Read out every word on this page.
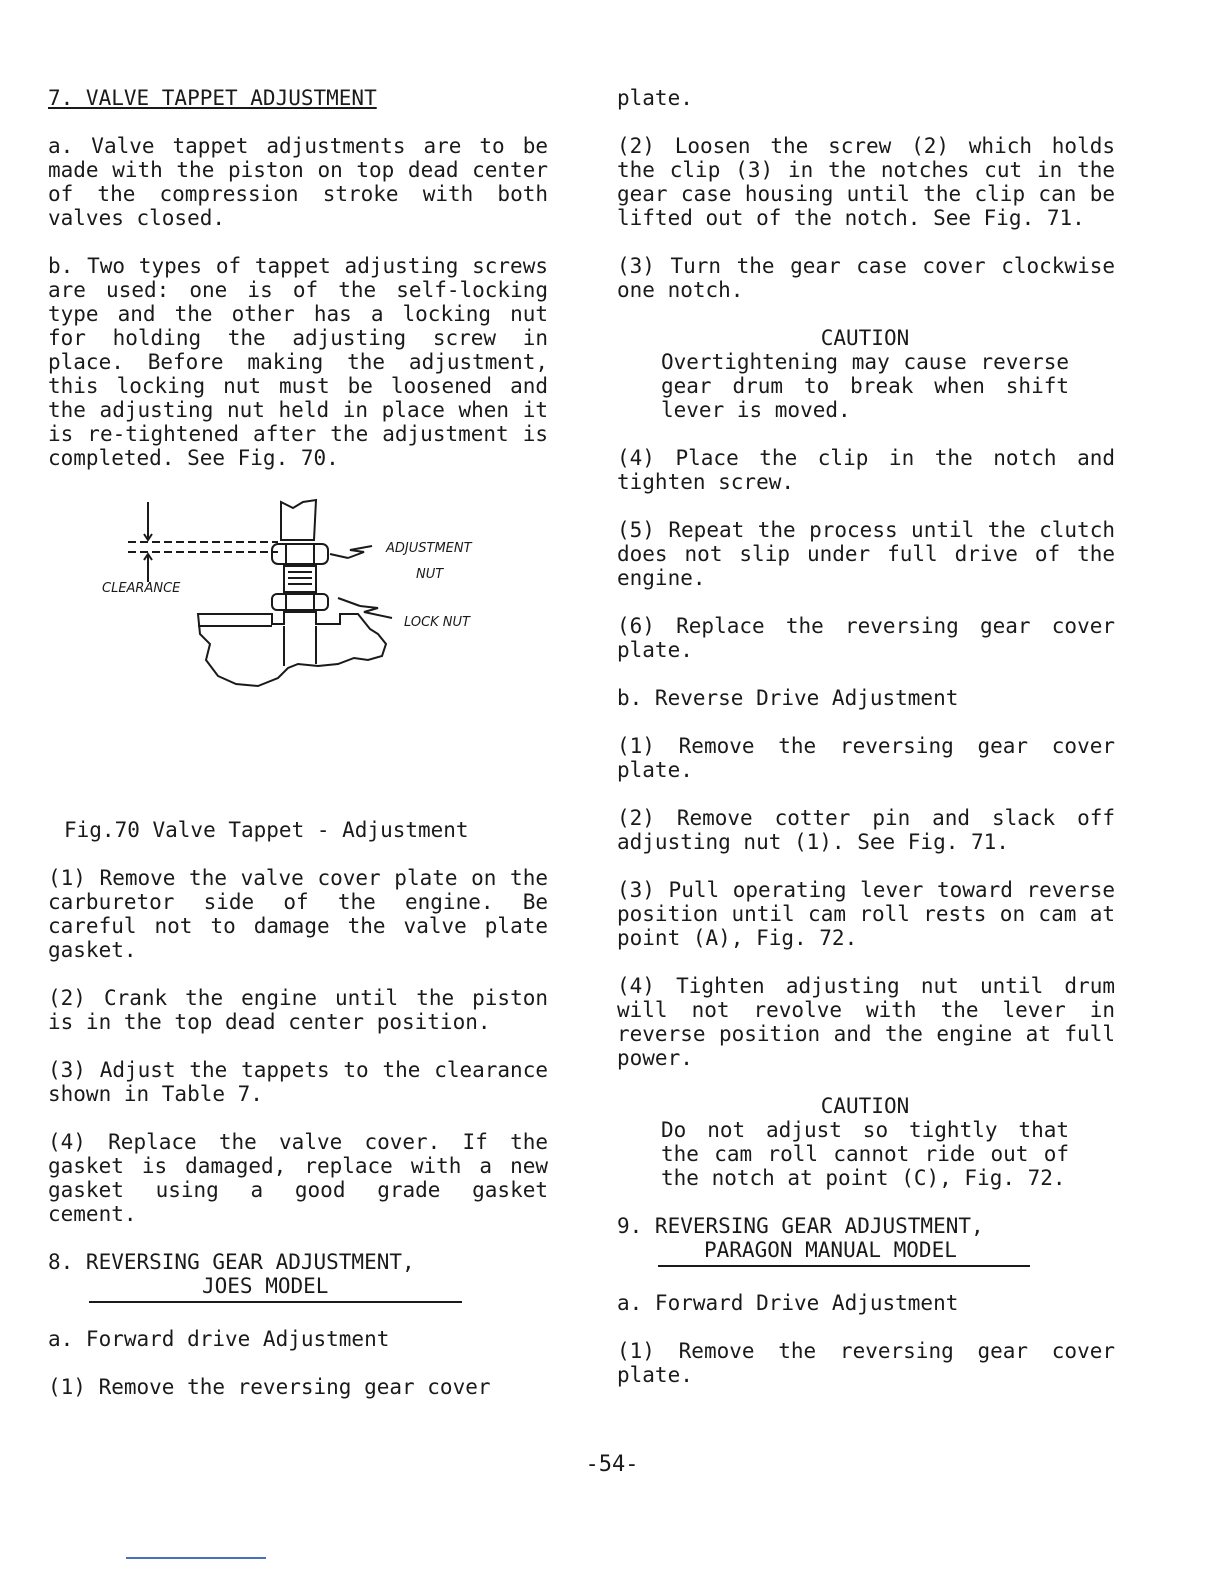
7. VALVE TAPPET ADJUSTMENT

a. Valve tappet adjustments are to be made with the piston on top dead center of the compression stroke with both valves closed.

b. Two types of tappet adjusting screws are used: one is of the self-locking type and the other has a locking nut for holding the adjusting screw in place. Before making the adjustment, this locking nut must be loosened and the adjusting nut held in place when it is re-tightened after the adjustment is completed. See Fig. 70.

ADJUSTMENT
NUT
LOCK NUT
CLEARANCE

Fig.70 Valve Tappet - Adjustment

(1) Remove the valve cover plate on the carburetor side of the engine. Be careful not to damage the valve plate gasket.

(2) Crank the engine until the piston is in the top dead center position.

(3) Adjust the tappets to the clearance shown in Table 7.

(4) Replace the valve cover. If the gasket is damaged, replace with a new gasket using a good grade gasket cement.

8. REVERSING GEAR ADJUSTMENT,
JOES MODEL

a. Forward drive Adjustment

(1) Remove the reversing gear cover

plate.

(2) Loosen the screw (2) which holds the clip (3) in the notches cut in the gear case housing until the clip can be lifted out of the notch. See Fig. 71.

(3) Turn the gear case cover clockwise one notch.

CAUTION
Overtightening may cause reverse gear drum to break when shift lever is moved.

(4) Place the clip in the notch and tighten screw.

(5) Repeat the process until the clutch does not slip under full drive of the engine.

(6) Replace the reversing gear cover plate.

b. Reverse Drive Adjustment

(1) Remove the reversing gear cover plate.

(2) Remove cotter pin and slack off adjusting nut (1). See Fig. 71.

(3) Pull operating lever toward reverse position until cam roll rests on cam at point (A), Fig. 72.

(4) Tighten adjusting nut until drum will not revolve with the lever in reverse position and the engine at full power.

CAUTION
Do not adjust so tightly that the cam roll cannot ride out of the notch at point (C), Fig. 72.
9. REVERSING GEAR ADJUSTMENT,
PARAGON MANUAL MODEL

a. Forward Drive Adjustment

(1) Remove the reversing gear cover plate.

-54-
